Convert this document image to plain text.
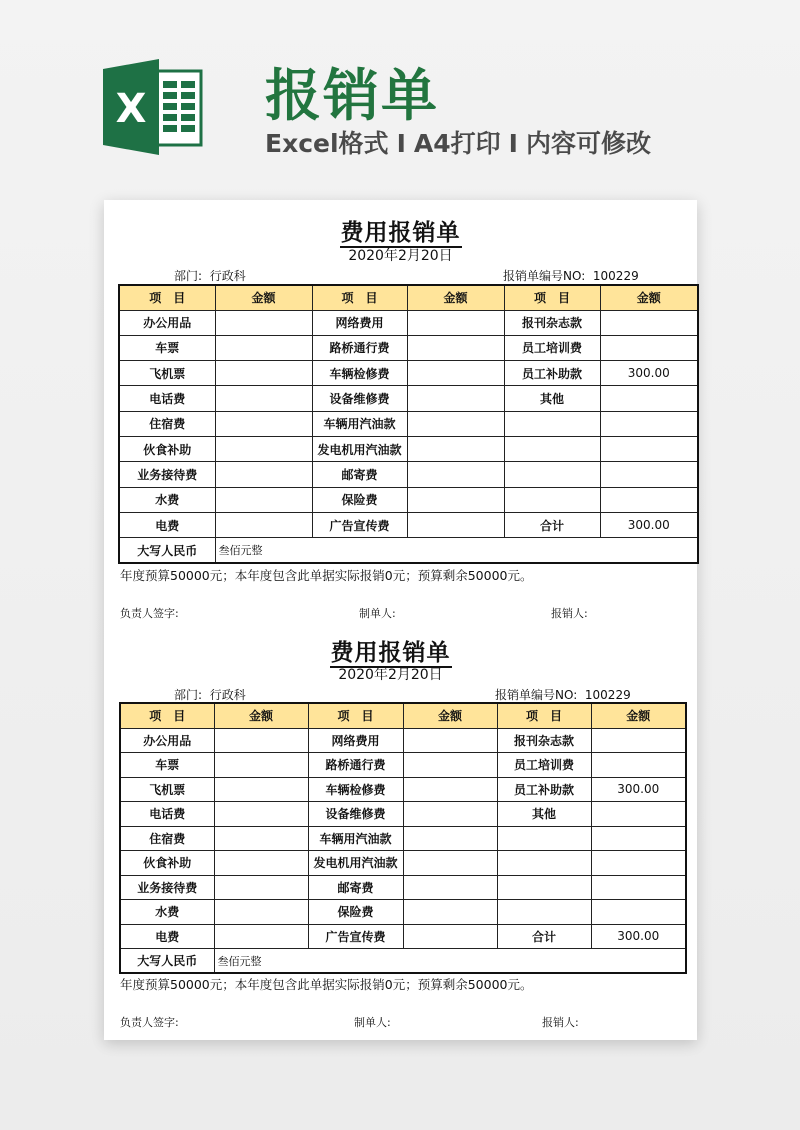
X 报销单
Excel格式 I A4打印 I 内容可修改
费用报销单
2020年2月20日
部门: 行政科	报销单编号NO: 100229
项　目	金额	项　目	金额	项　目	金额
办公用品		网络费用		报刊杂志款	
车票		路桥通行费		员工培训费	
飞机票		车辆检修费		员工补助款	300.00
电话费		设备维修费		其他	
住宿费		车辆用汽油款			
伙食补助		发电机用汽油款			
业务接待费		邮寄费			
水费		保险费			
电费		广告宣传费		合计	300.00
大写人民币	叁佰元整				
年度预算50000元；本年度包含此单据实际报销0元；预算剩余50000元。
负责人签字:	制单人:	报销人:
费用报销单
2020年2月20日
部门: 行政科	报销单编号NO: 100229
项　目	金额	项　目	金额	项　目	金额
办公用品		网络费用		报刊杂志款	
车票		路桥通行费		员工培训费	
飞机票		车辆检修费		员工补助款	300.00
电话费		设备维修费		其他	
住宿费		车辆用汽油款			
伙食补助		发电机用汽油款			
业务接待费		邮寄费			
水费		保险费			
电费		广告宣传费		合计	300.00
大写人民币	叁佰元整				
年度预算50000元；本年度包含此单据实际报销0元；预算剩余50000元。
负责人签字:	制单人:	报销人:
